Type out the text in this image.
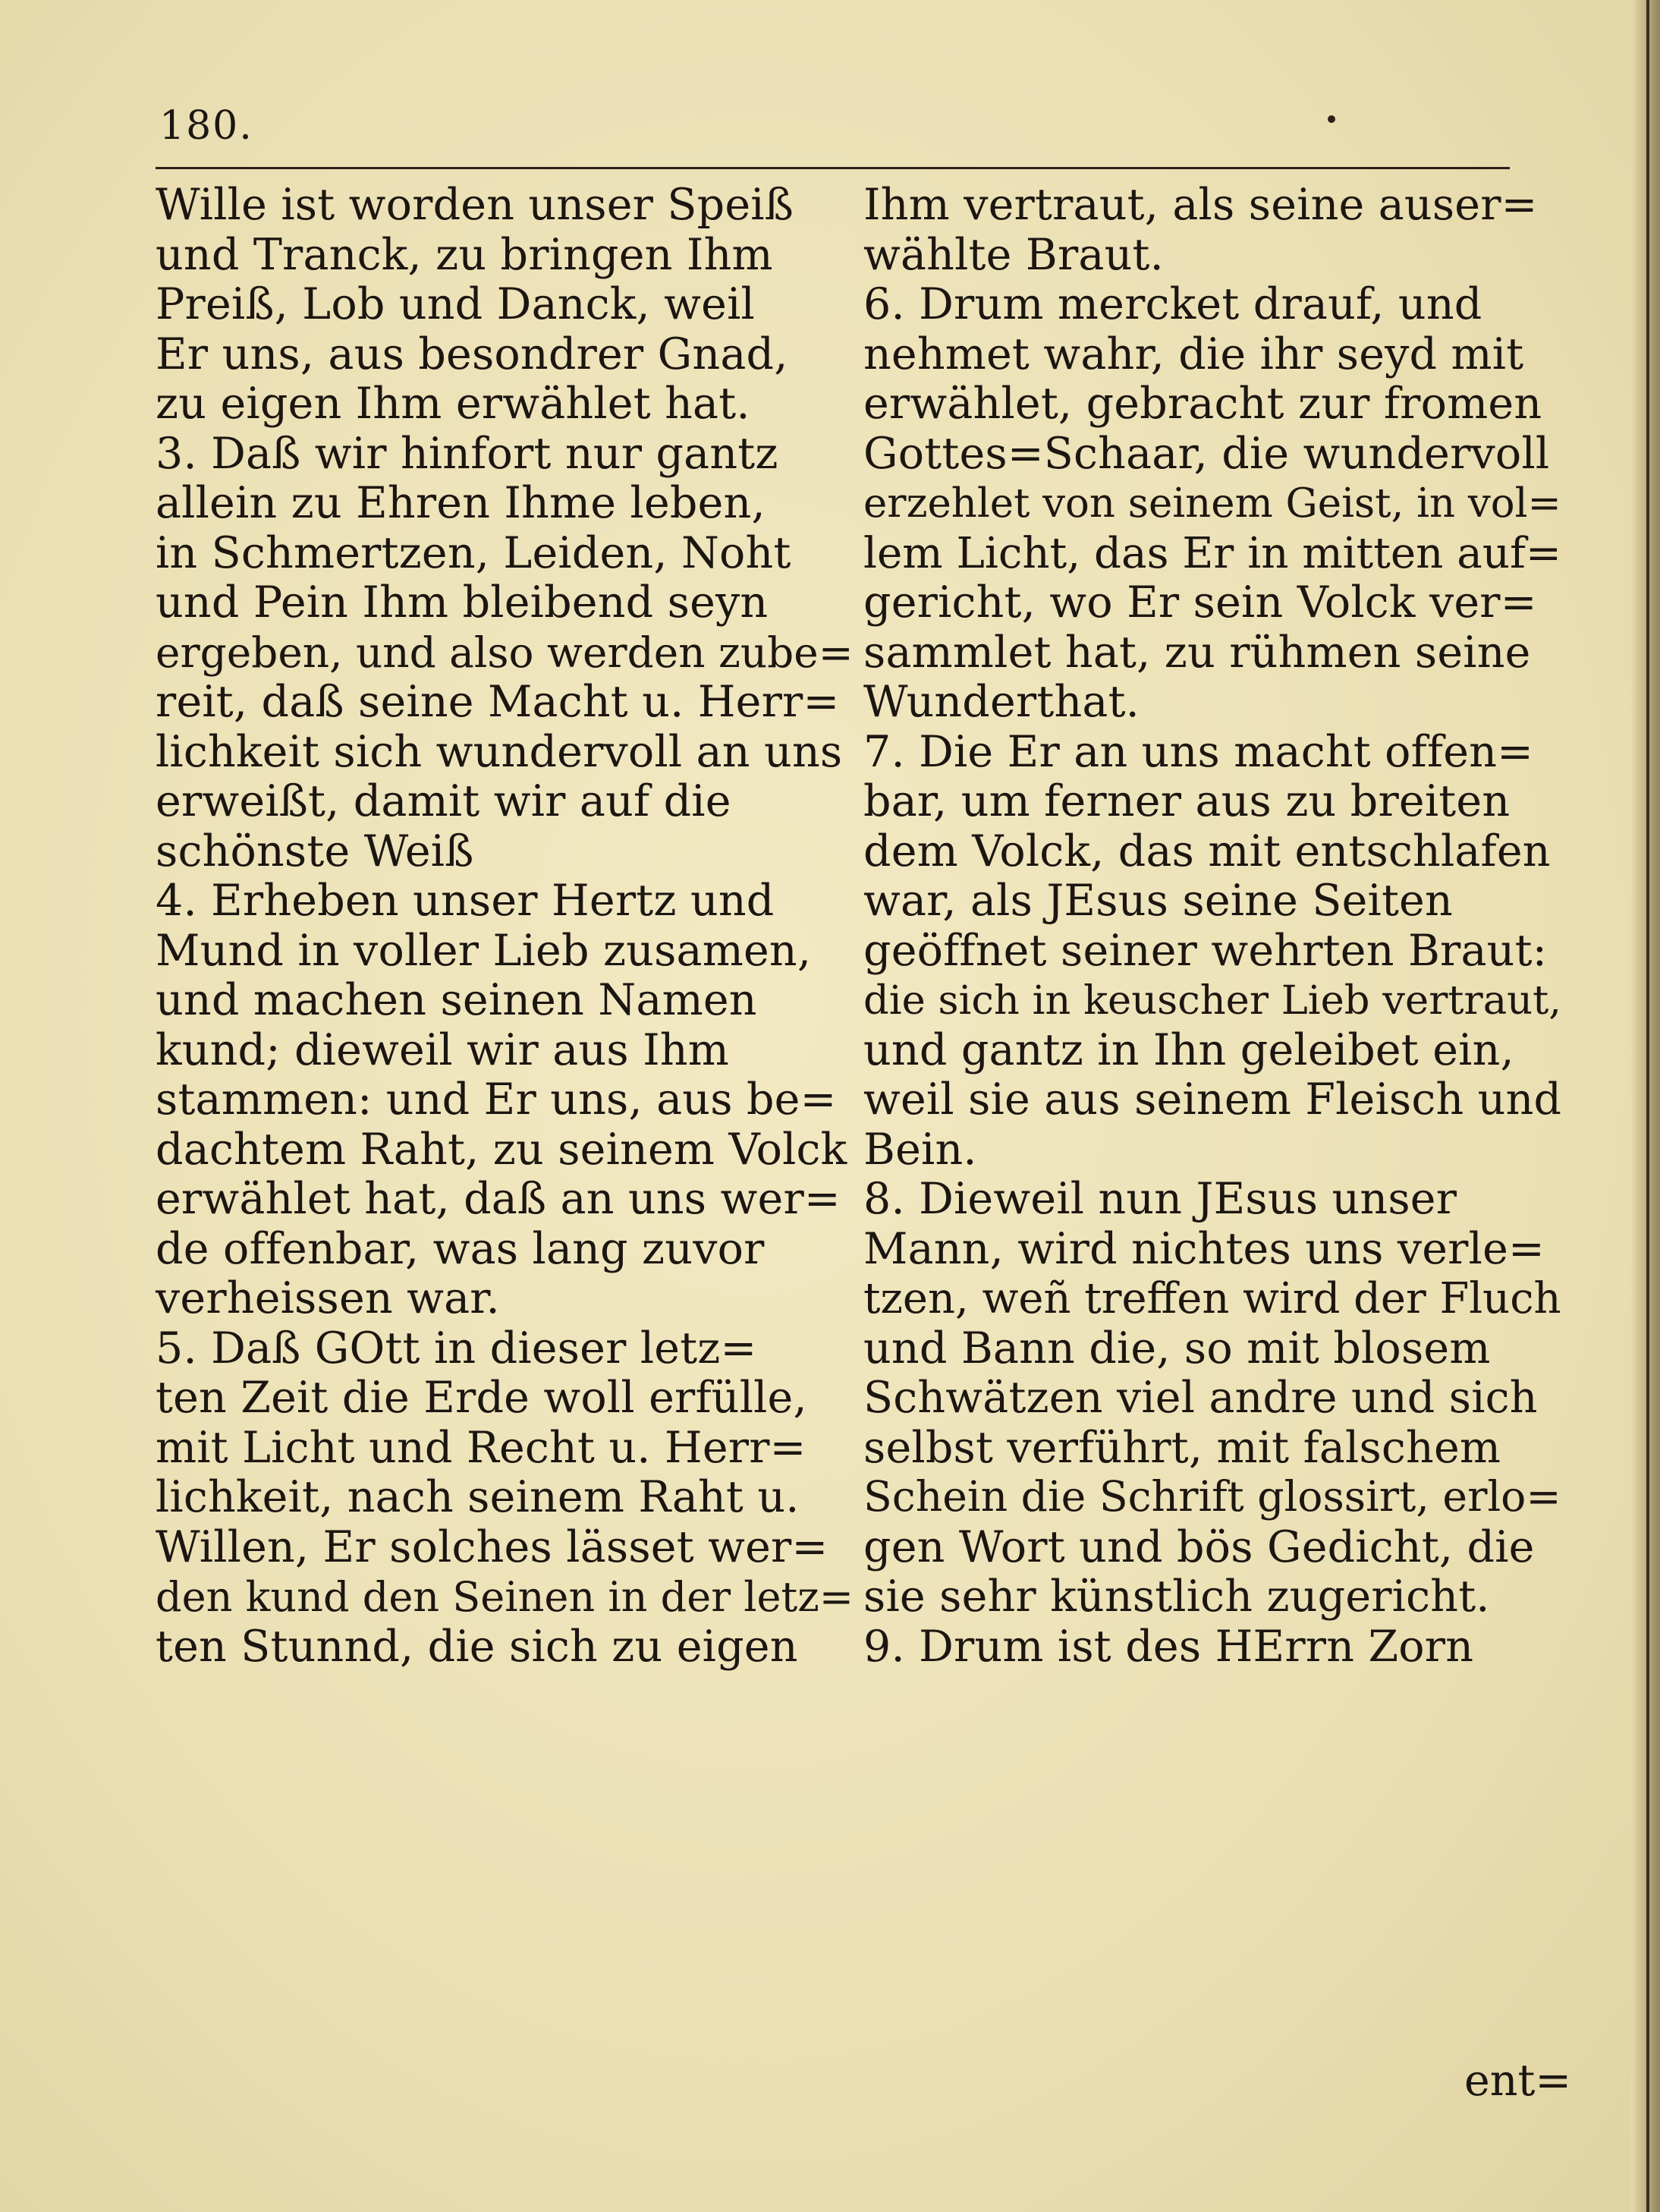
180.
Wille ist worden unser Speiß
und Tranck, zu bringen Ihm
Preiß, Lob und Danck, weil
Er uns, aus besondrer Gnad,
zu eigen Ihm erwählet hat.
3. Daß wir hinfort nur gantz
allein zu Ehren Ihme leben,
in Schmertzen, Leiden, Noht
und Pein Ihm bleibend seyn
ergeben, und also werden zube=
reit, daß seine Macht u. Herr=
lichkeit sich wundervoll an uns
erweißt, damit wir auf die
schönste Weiß
4. Erheben unser Hertz und
Mund in voller Lieb zusamen,
und machen seinen Namen
kund; dieweil wir aus Ihm
stammen: und Er uns, aus be=
dachtem Raht, zu seinem Volck
erwählet hat, daß an uns wer=
de offenbar, was lang zuvor
verheissen war.
5. Daß GOtt in dieser letz=
ten Zeit die Erde woll erfülle,
mit Licht und Recht u. Herr=
lichkeit, nach seinem Raht u.
Willen, Er solches lässet wer=
den kund den Seinen in der letz=
ten Stunnd, die sich zu eigen
Ihm vertraut, als seine auser=
wählte Braut.
6. Drum mercket drauf, und
nehmet wahr, die ihr seyd mit
erwählet, gebracht zur fromen
Gottes=Schaar, die wundervoll
erzehlet von seinem Geist, in vol=
lem Licht, das Er in mitten auf=
gericht, wo Er sein Volck ver=
sammlet hat, zu rühmen seine
Wunderthat.
7. Die Er an uns macht offen=
bar, um ferner aus zu breiten
dem Volck, das mit entschlafen
war, als JEsus seine Seiten
geöffnet seiner wehrten Braut:
die sich in keuscher Lieb vertraut,
und gantz in Ihn geleibet ein,
weil sie aus seinem Fleisch und
Bein.
8. Dieweil nun JEsus unser
Mann, wird nichtes uns verle=
tzen, weñ treffen wird der Fluch
und Bann die, so mit blosem
Schwätzen viel andre und sich
selbst verführt, mit falschem
Schein die Schrift glossirt, erlo=
gen Wort und bös Gedicht, die
sie sehr künstlich zugericht.
9. Drum ist des HErrn Zorn
ent=
